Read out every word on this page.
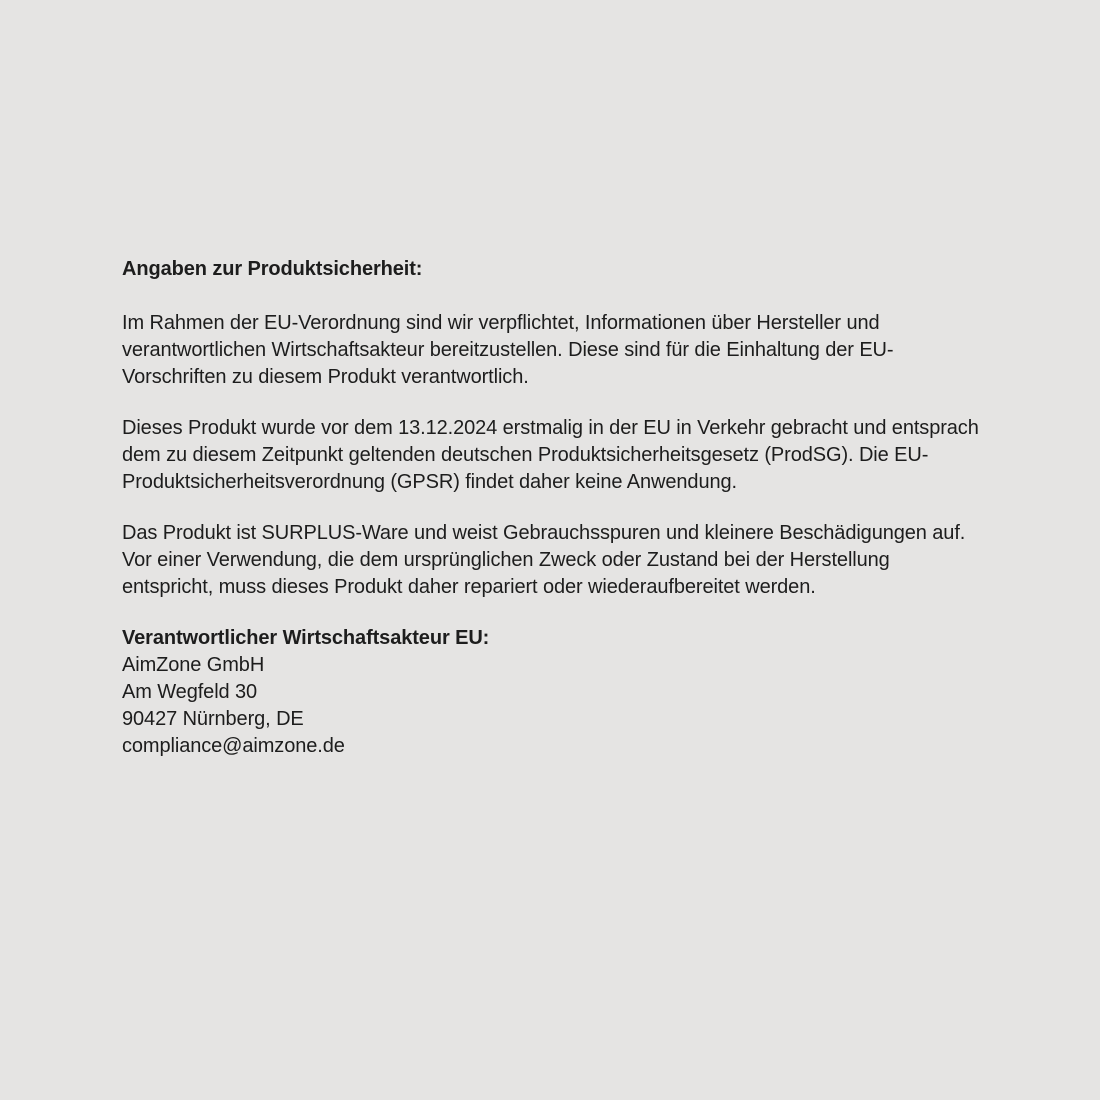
Angaben zur Produktsicherheit:

Im Rahmen der EU-Verordnung sind wir verpflichtet, Informationen über Hersteller und verantwortlichen Wirtschaftsakteur bereitzustellen. Diese sind für die Einhaltung der EU-Vorschriften zu diesem Produkt verantwortlich.

Dieses Produkt wurde vor dem 13.12.2024 erstmalig in der EU in Verkehr gebracht und entsprach dem zu diesem Zeitpunkt geltenden deutschen Produktsicherheitsgesetz (ProdSG). Die EU-Produktsicherheitsverordnung (GPSR) findet daher keine Anwendung.

Das Produkt ist SURPLUS-Ware und weist Gebrauchsspuren und kleinere Beschädigungen auf. Vor einer Verwendung, die dem ursprünglichen Zweck oder Zustand bei der Herstellung entspricht, muss dieses Produkt daher repariert oder wiederaufbereitet werden.

Verantwortlicher Wirtschaftsakteur EU:

AimZone GmbH

Am Wegfeld 30

90427 Nürnberg, DE

compliance@aimzone.de
